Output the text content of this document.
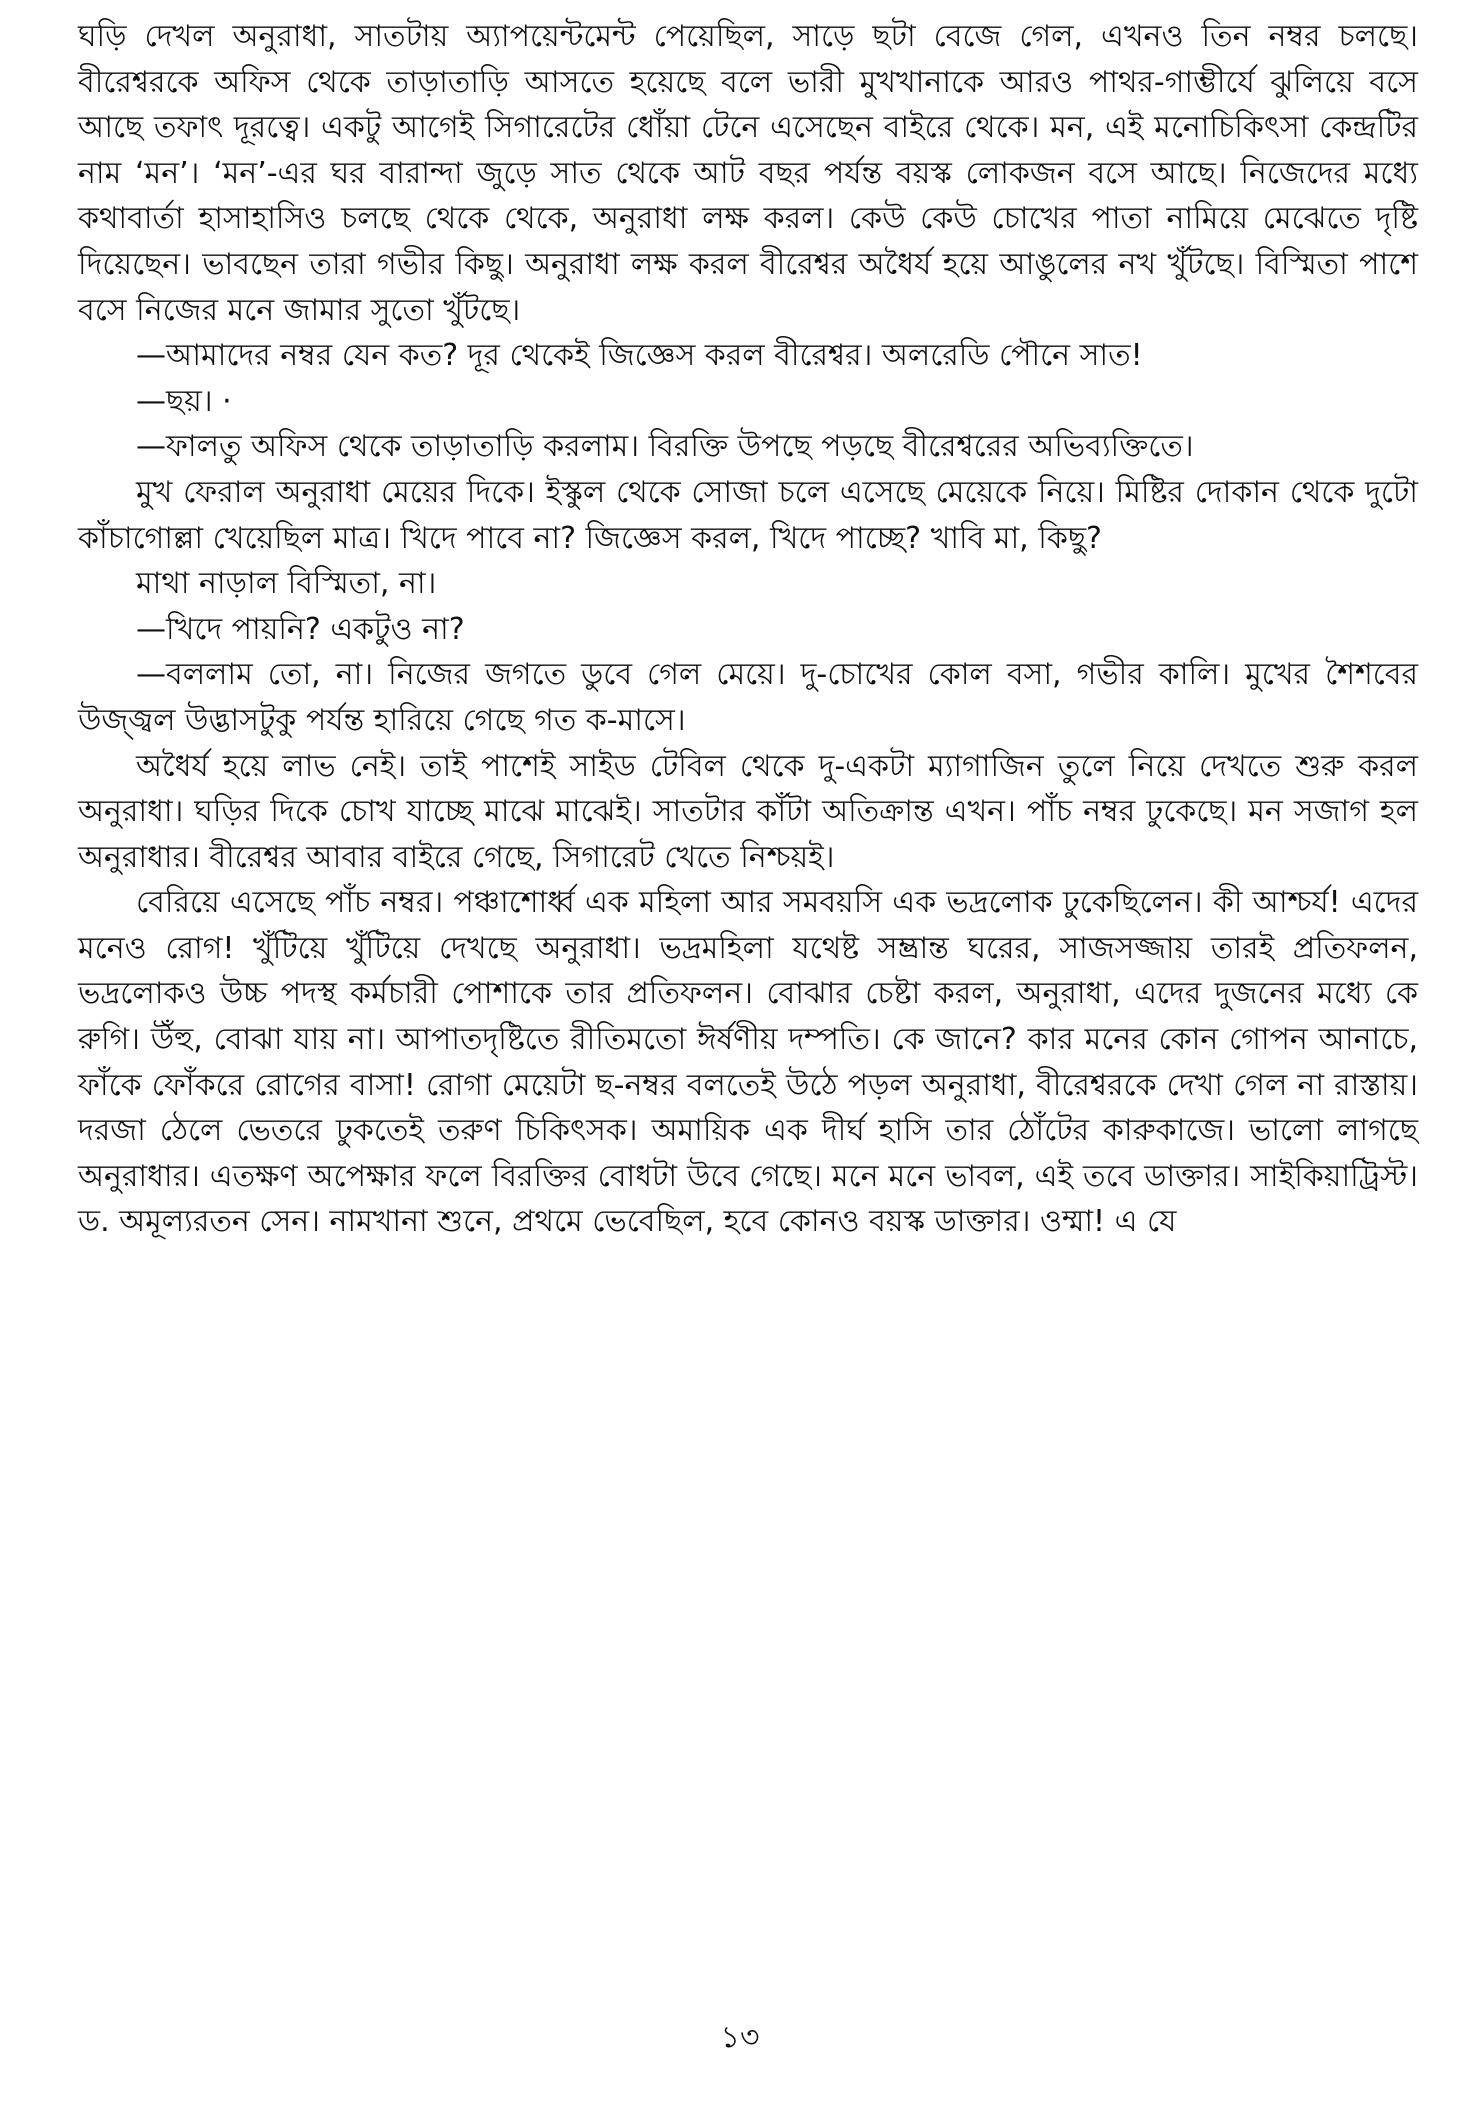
ঘড়ি দেখল অনুরাধা, সাতটায় অ্যাপয়েন্টমেন্ট পেয়েছিল, সাড়ে ছটা বেজে গেল, এখনও তিন নম্বর চলছে। বীরেশ্বরকে অফিস থেকে তাড়াতাড়ি আসতে হয়েছে বলে ভারী মুখখানাকে আরও পাথর-গাম্ভীর্যে ঝুলিয়ে বসে আছে তফাৎ দূরত্বে। একটু আগেই সিগারেটের ধোঁয়া টেনে এসেছেন বাইরে থেকে। মন, এই মনোচিকিৎসা কেন্দ্রটির নাম ‘মন’। ‘মন’-এর ঘর বারান্দা জুড়ে সাত থেকে আট বছর পর্যন্ত বয়স্ক লোকজন বসে আছে। নিজেদের মধ্যে কথাবার্তা হাসাহাসিও চলছে থেকে থেকে, অনুরাধা লক্ষ করল। কেউ কেউ চোখের পাতা নামিয়ে মেঝেতে দৃষ্টি দিয়েছেন। ভাবছেন তারা গভীর কিছু। অনুরাধা লক্ষ করল বীরেশ্বর অধৈর্য হয়ে আঙুলের নখ খুঁটছে। বিস্মিতা পাশে বসে নিজের মনে জামার সুতো খুঁটছে।

—আমাদের নম্বর যেন কত? দূর থেকেই জিজ্ঞেস করল বীরেশ্বর। অলরেডি পৌনে সাত!

—ছয়। ·

—ফালতু অফিস থেকে তাড়াতাড়ি করলাম। বিরক্তি উপছে পড়ছে বীরেশ্বরের অভিব্যক্তিতে।

মুখ ফেরাল অনুরাধা মেয়ের দিকে। ইস্কুল থেকে সোজা চলে এসেছে মেয়েকে নিয়ে। মিষ্টির দোকান থেকে দুটো কাঁচাগোল্লা খেয়েছিল মাত্র। খিদে পাবে না? জিজ্ঞেস করল, খিদে পাচ্ছে? খাবি মা, কিছু?

মাথা নাড়াল বিস্মিতা, না।

—খিদে পায়নি? একটুও না?

—বললাম তো, না। নিজের জগতে ডুবে গেল মেয়ে। দু-চোখের কোল বসা, গভীর কালি। মুখের শৈশবের উজ্জ্বল উদ্ভাসটুকু পর্যন্ত হারিয়ে গেছে গত ক-মাসে।

অধৈর্য হয়ে লাভ নেই। তাই পাশেই সাইড টেবিল থেকে দু-একটা ম্যাগাজিন তুলে নিয়ে দেখতে শুরু করল অনুরাধা। ঘড়ির দিকে চোখ যাচ্ছে মাঝে মাঝেই। সাতটার কাঁটা অতিক্রান্ত এখন। পাঁচ নম্বর ঢুকেছে। মন সজাগ হল অনুরাধার। বীরেশ্বর আবার বাইরে গেছে, সিগারেট খেতে নিশ্চয়ই।

বেরিয়ে এসেছে পাঁচ নম্বর। পঞ্চাশোর্ধ্ব এক মহিলা আর সমবয়সি এক ভদ্রলোক ঢুকেছিলেন। কী আশ্চর্য! এদের মনেও রোগ! খুঁটিয়ে খুঁটিয়ে দেখছে অনুরাধা। ভদ্রমহিলা যথেষ্ট সম্ভ্রান্ত ঘরের, সাজসজ্জায় তারই প্রতিফলন, ভদ্রলোকও উচ্চ পদস্থ কর্মচারী পোশাকে তার প্রতিফলন। বোঝার চেষ্টা করল, অনুরাধা, এদের দুজনের মধ্যে কে রুগি। উঁহু, বোঝা যায় না। আপাতদৃষ্টিতে রীতিমতো ঈর্ষণীয় দম্পতি। কে জানে? কার মনের কোন গোপন আনাচে, ফাঁকে ফোঁকরে রোগের বাসা! রোগা মেয়েটা ছ-নম্বর বলতেই উঠে পড়ল অনুরাধা, বীরেশ্বরকে দেখা গেল না রাস্তায়। দরজা ঠেলে ভেতরে ঢুকতেই তরুণ চিকিৎসক। অমায়িক এক দীর্ঘ হাসি তার ঠোঁটের কারুকাজে। ভালো লাগছে অনুরাধার। এতক্ষণ অপেক্ষার ফলে বিরক্তির বোধটা উবে গেছে। মনে মনে ভাবল, এই তবে ডাক্তার। সাইকিয়াট্রিস্ট। ড. অমূল্যরতন সেন। নামখানা শুনে, প্রথমে ভেবেছিল, হবে কোনও বয়স্ক ডাক্তার। ওম্মা! এ যে

১৩
